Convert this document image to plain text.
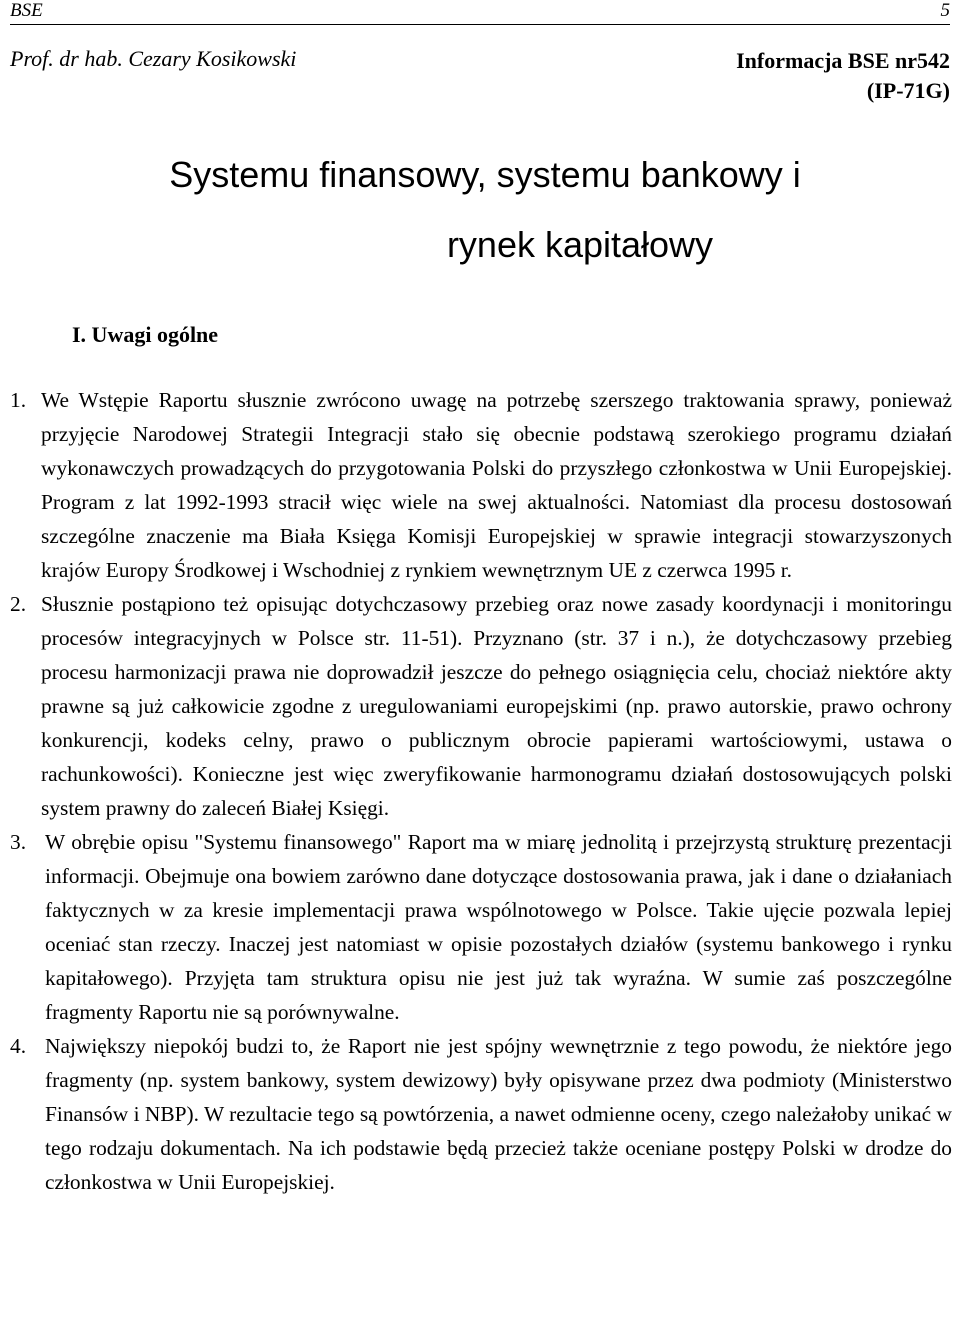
BSE	5
Prof. dr hab. Cezary Kosikowski	Informacja BSE nr542
(IP-71G)
Systemu finansowy, systemu bankowy i
rynek kapitałowy
I. Uwagi ogólne
1. We Wstępie Raportu słusznie zwrócono uwagę na potrzebę szerszego traktowania sprawy, ponieważ przyjęcie Narodowej Strategii Integracji stało się obecnie podstawą szerokiego programu działań wykonawczych prowadzących do przygotowania Polski do przyszłego członkostwa w Unii Europejskiej. Program z lat 1992-1993 stracił więc wiele na swej aktualności. Natomiast dla procesu dostosowań szczególne znaczenie ma Biała Księga Komisji Europejskiej w sprawie integracji stowarzyszonych krajów Europy Środkowej i Wschodniej z rynkiem wewnętrznym UE z czerwca 1995 r.

2. Słusznie postąpiono też opisując dotychczasowy przebieg oraz nowe zasady koordynacji i monitoringu procesów integracyjnych w Polsce str. 11-51). Przyznano (str. 37 i n.), że dotychczasowy przebieg procesu harmonizacji prawa nie doprowadził jeszcze do pełnego osiągnięcia celu, chociaż niektóre akty prawne są już całkowicie zgodne z uregulowaniami europejskimi (np. prawo autorskie, prawo ochrony konkurencji, kodeks celny, prawo o publicznym obrocie papierami wartościowymi, ustawa o rachunkowości). Konieczne jest więc zweryfikowanie harmonogramu działań dostosowujących polski system prawny do zaleceń Białej Księgi.

3. W obrębie opisu "Systemu finansowego" Raport ma w miarę jednolitą i przejrzystą strukturę prezentacji informacji. Obejmuje ona bowiem zarówno dane dotyczące dostosowania prawa, jak i dane o działaniach faktycznych w za kresie implementacji prawa wspólnotowego w Polsce. Takie ujęcie pozwala lepiej oceniać stan rzeczy. Inaczej jest natomiast w opisie pozostałych działów (systemu bankowego i rynku kapitałowego). Przyjęta tam struktura opisu nie jest już tak wyraźna. W sumie zaś poszczególne fragmenty Raportu nie są porównywalne.

4. Największy niepokój budzi to, że Raport nie jest spójny wewnętrznie z tego powodu, że niektóre jego fragmenty (np. system bankowy, system dewizowy) były opisywane przez dwa podmioty (Ministerstwo Finansów i NBP). W rezultacie tego są powtórzenia, a nawet odmienne oceny, czego należałoby unikać w tego rodzaju dokumentach. Na ich podstawie będą przecież także oceniane postępy Polski w drodze do członkostwa w Unii Europejskiej.
